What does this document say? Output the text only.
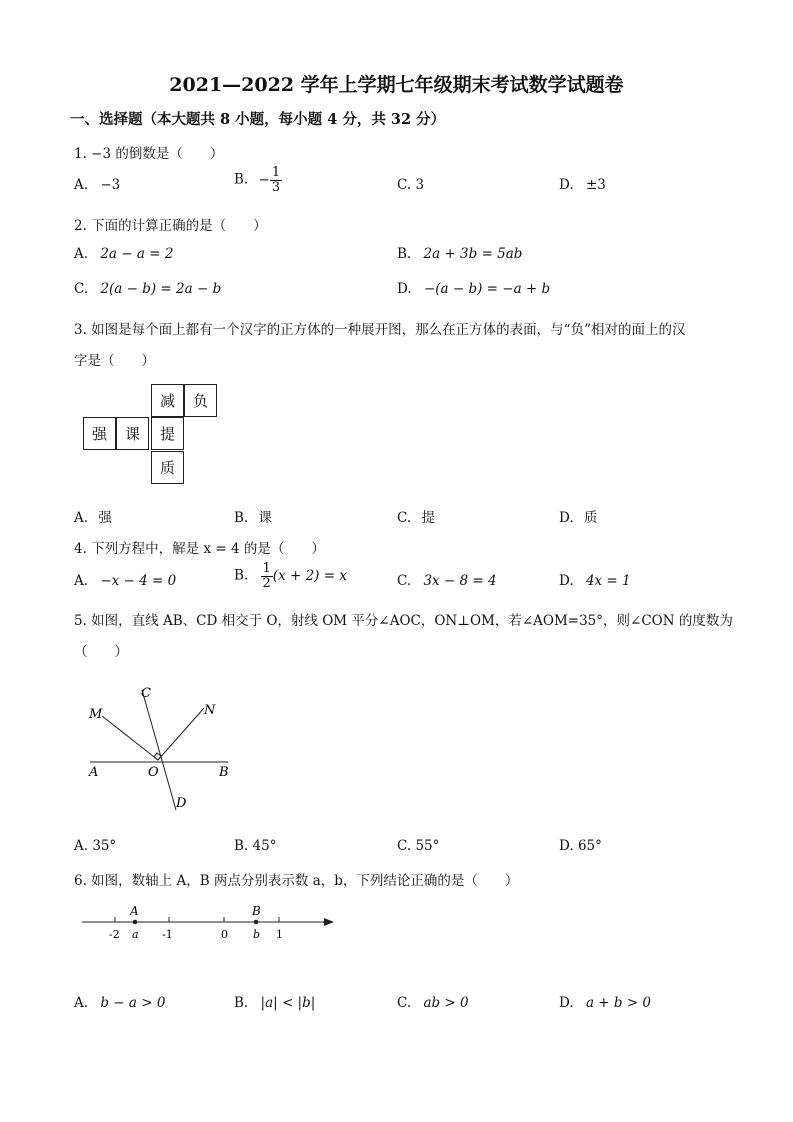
2021—2022 学年上学期七年级期末考试数学试题卷
一、选择题（本大题共 8 小题，每小题 4 分，共 32 分）
1. −3 的倒数是（　　）
A. −3	B. − $\frac{1}{3}$	C. 3	D. ±3
2. 下面的计算正确的是（　　）
A. 2a − a = 2	B. 2a + 3b = 5ab
C. 2(a − b) = 2a − b	D. −(a − b) = −a + b
3. 如图是每个面上都有一个汉字的正方体的一种展开图，那么在正方体的表面，与“负”相对的面上的汉
字是（　　）
减	负
强	课	提
质
A. 强	B. 课	C. 提	D. 质
4. 下列方程中，解是 x = 4 的是（　　）
A. −x − 4 = 0	B. $\frac{1}{2} (x + 2) = x$	C. 3x − 8 = 4	D. 4x = 1
5. 如图，直线 AB、CD 相交于 O，射线 OM 平分∠AOC，ON⊥OM，若∠AOM=35°，则∠CON 的度数为
（　　）
M
C
N
A	O	B
D
A. 35°	B. 45°	C. 55°	D. 65°
6. 如图，数轴上 A，B 两点分别表示数 a，b，下列结论正确的是（　　）
A	B
-2 a -1	0 b 1
A. b − a > 0	B. |a| < |b|	C. ab > 0	D. a + b > 0
